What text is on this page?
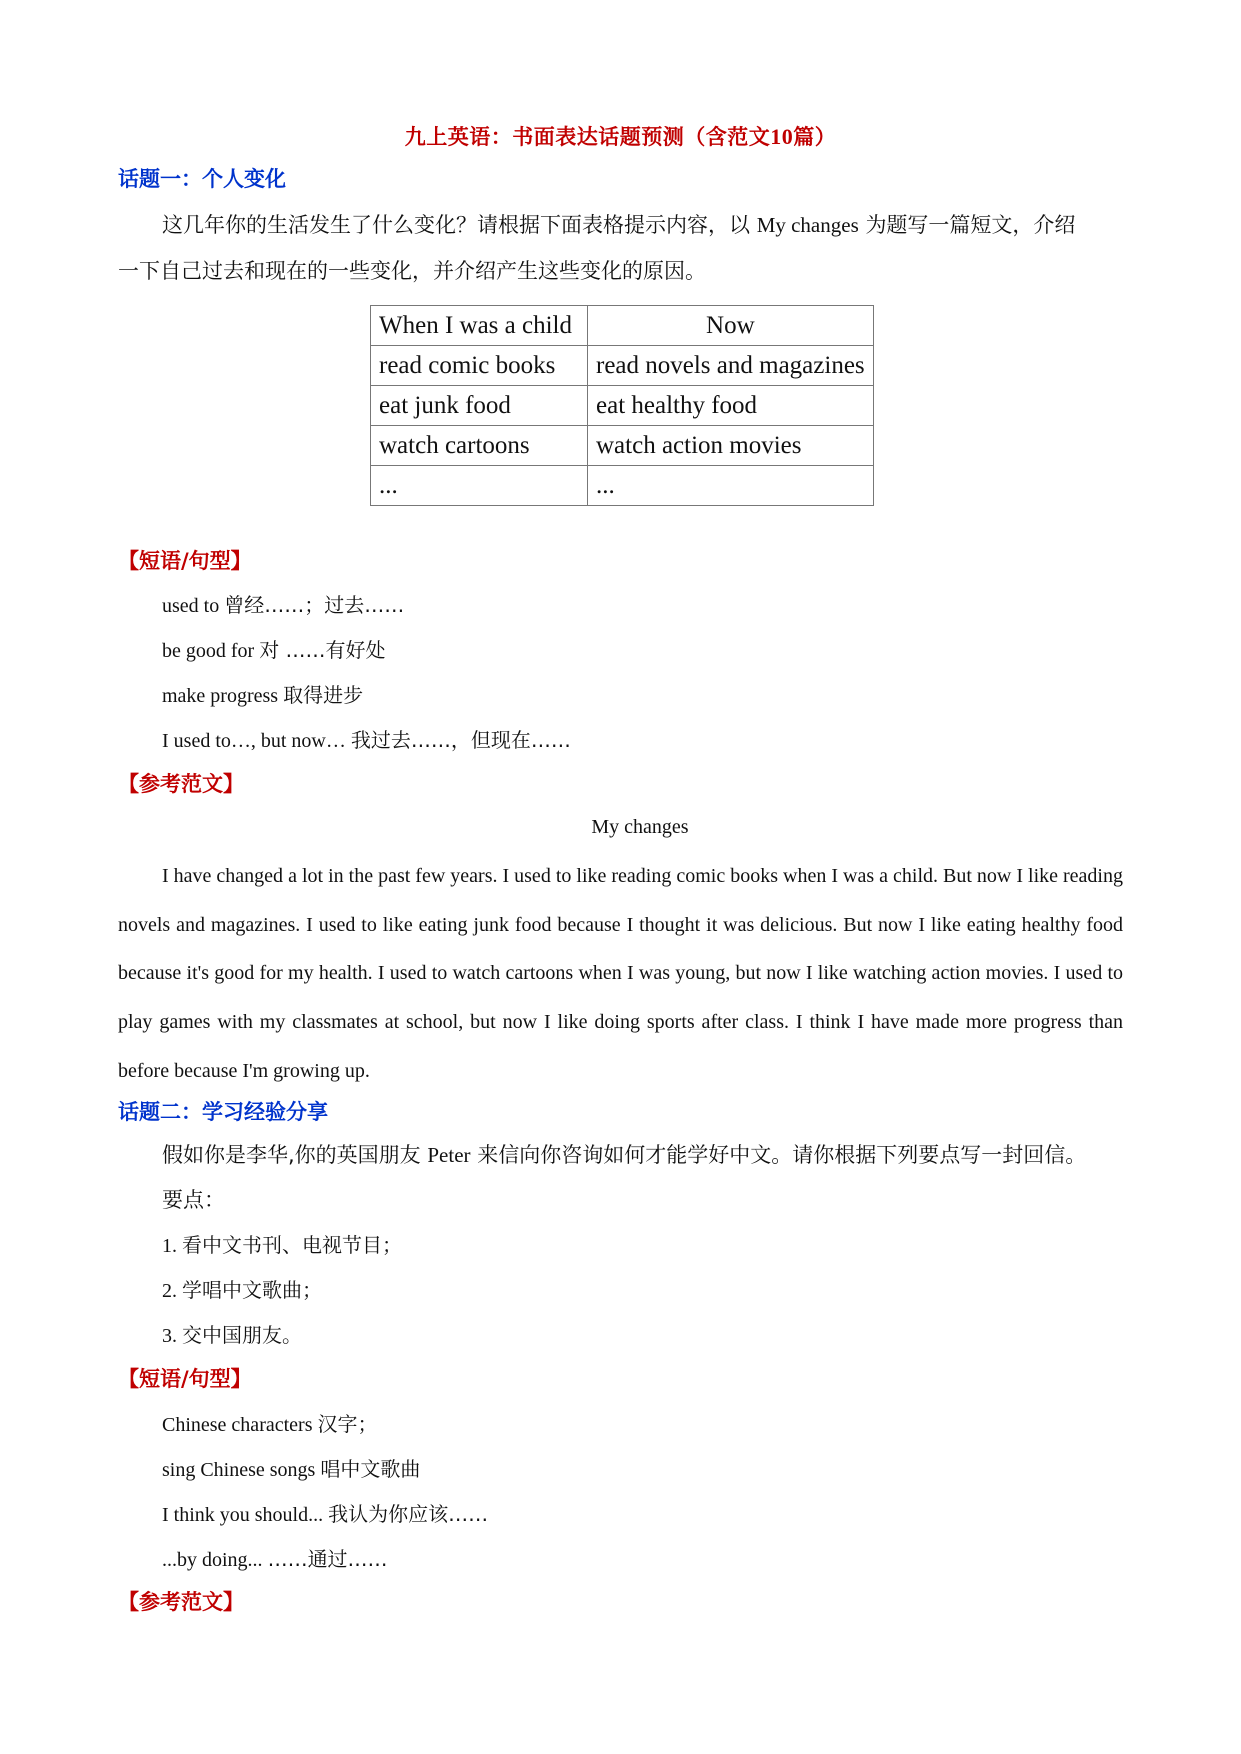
九上英语：书面表达话题预测（含范文10篇）
话题一：个人变化
这几年你的生活发生了什么变化？请根据下面表格提示内容，以 My changes 为题写一篇短文，介绍
一下自己过去和现在的一些变化，并介绍产生这些变化的原因。
When I was a child	Now
read comic books	read novels and magazines
eat junk food	eat healthy food
watch cartoons	watch action movies
...	...
【短语/句型】
used to 曾经……；过去……
be good for 对 ……有好处
make progress 取得进步
I used to…, but now… 我过去……，但现在……
【参考范文】
My changes
I have changed a lot in the past few years. I used to like reading comic books when I was a child. But now I like reading novels and magazines. I used to like eating junk food because I thought it was delicious. But now I like eating healthy food because it's good for my health. I used to watch cartoons when I was young, but now I like watching action movies. I used to play games with my classmates at school, but now I like doing sports after class. I think I have made more progress than before because I'm growing up.
话题二：学习经验分享
假如你是李华,你的英国朋友 Peter 来信向你咨询如何才能学好中文。请你根据下列要点写一封回信。
要点：
1. 看中文书刊、电视节目；
2. 学唱中文歌曲；
3. 交中国朋友。
【短语/句型】
Chinese characters 汉字；
sing Chinese songs 唱中文歌曲
I think you should... 我认为你应该……
...by doing... ……通过……
【参考范文】
